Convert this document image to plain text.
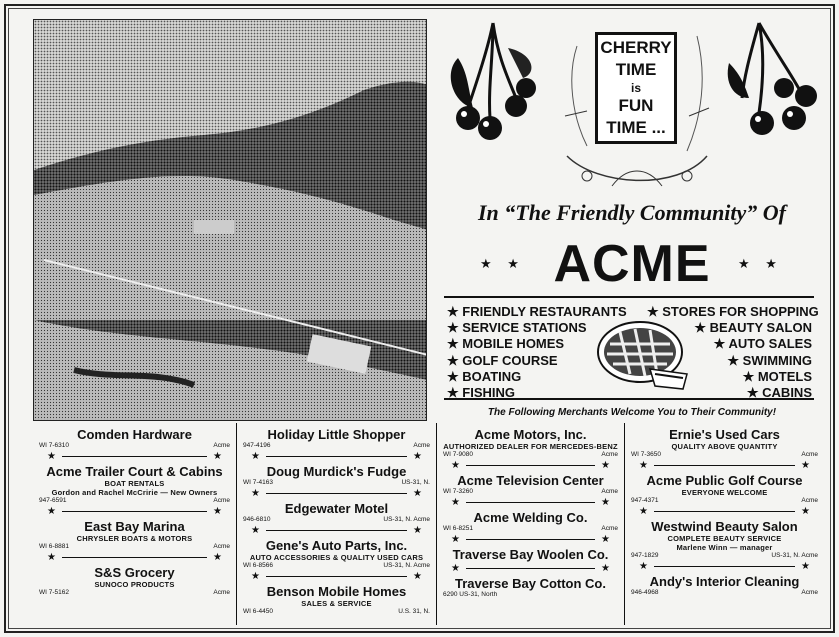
CHERRY
TIME
is
FUN
TIME ...
In “The Friendly Community” Of
★ ★ ACME	★ ★
★ FRIENDLY RESTAURANTS
★ SERVICE STATIONS
★ MOBILE HOMES
★ GOLF COURSE
★ BOATING
★ FISHING
★ STORES FOR SHOPPING
★ BEAUTY SALON
★ AUTO SALES
★ SWIMMING
★ MOTELS
★ CABINS
The Following Merchants Welcome You to Their Community!
Comden Hardware
WI 7-6310	Acme
★	★
Acme Trailer Court & Cabins
BOAT RENTALS
Gordon and Rachel McCririe — New Owners
947-6591	Acme
★	★
East Bay Marina
CHRYSLER BOATS & MOTORS
WI 6-8881	Acme
★	★
S&S Grocery
SUNOCO PRODUCTS
WI 7-5162	Acme
Holiday Little Shopper
947-4196	Acme
★	★
Doug Murdick's Fudge
WI 7-4163	US-31, N.
★	★
Edgewater Motel
946-6810	US-31, N. Acme
★	★
Gene's Auto Parts, Inc.
AUTO ACCESSORIES & QUALITY USED CARS
WI 6-8566	US-31, N. Acme
★	★
Benson Mobile Homes
SALES & SERVICE
WI 6-4450	U.S. 31, N.
Acme Motors, Inc.
AUTHORIZED DEALER FOR MERCEDES-BENZ
WI 7-9080	Acme
★	★
Acme Television Center
WI 7-3260	Acme
★	★
Acme Welding Co.
WI 6-8251	Acme
★	★
Traverse Bay Woolen Co.
★	★
Traverse Bay Cotton Co.
6290 US-31, North
Ernie's Used Cars
QUALITY ABOVE QUANTITY
WI 7-3650	Acme
★	★
Acme Public Golf Course
EVERYONE WELCOME
947-4371	Acme
★	★
Westwind Beauty Salon
COMPLETE BEAUTY SERVICE
Marlene Winn — manager
947-1829	US-31, N. Acme
★	★
Andy's Interior Cleaning
946-4968	Acme
